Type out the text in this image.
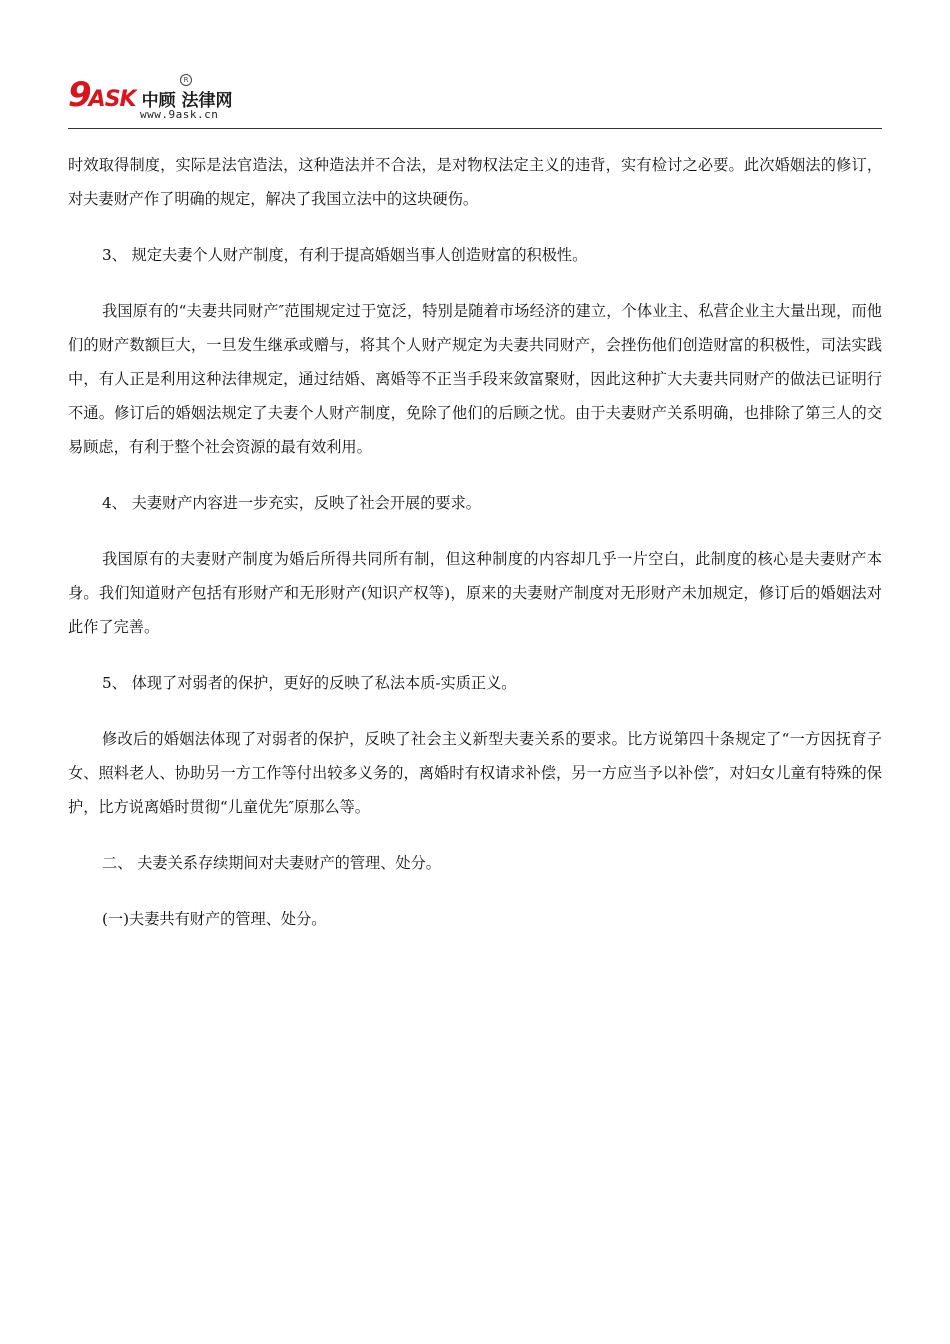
9
ASK 中顾 法律网
R
www.9ask.cn

时效取得制度，实际是法官造法，这种造法并不合法，是对物权法定主义的违背，实有检讨之必要。此次婚姻法的修订，对夫妻财产作了明确的规定，解决了我国立法中的这块硬伤。

3、 规定夫妻个人财产制度，有利于提高婚姻当事人创造财富的积极性。

我国原有的“夫妻共同财产″范围规定过于宽泛，特别是随着市场经济的建立，个体业主、私营企业主大量出现，而他们的财产数额巨大，一旦发生继承或赠与，将其个人财产规定为夫妻共同财产，会挫伤他们创造财富的积极性，司法实践中，有人正是利用这种法律规定，通过结婚、离婚等不正当手段来敛富聚财，因此这种扩大夫妻共同财产的做法已证明行不通。修订后的婚姻法规定了夫妻个人财产制度，免除了他们的后顾之忧。由于夫妻财产关系明确，也排除了第三人的交易顾虑，有利于整个社会资源的最有效利用。

4、 夫妻财产内容进一步充实，反映了社会开展的要求。

我国原有的夫妻财产制度为婚后所得共同所有制，但这种制度的内容却几乎一片空白，此制度的核心是夫妻财产本身。我们知道财产包括有形财产和无形财产(知识产权等)，原来的夫妻财产制度对无形财产未加规定，修订后的婚姻法对此作了完善。

5、 体现了对弱者的保护，更好的反映了私法本质-实质正义。

修改后的婚姻法体现了对弱者的保护，反映了社会主义新型夫妻关系的要求。比方说第四十条规定了“一方因抚育子女、照料老人、协助另一方工作等付出较多义务的，离婚时有权请求补偿，另一方应当予以补偿″，对妇女儿童有特殊的保护，比方说离婚时贯彻“儿童优先″原那么等。

二、 夫妻关系存续期间对夫妻财产的管理、处分。

(一)夫妻共有财产的管理、处分。
